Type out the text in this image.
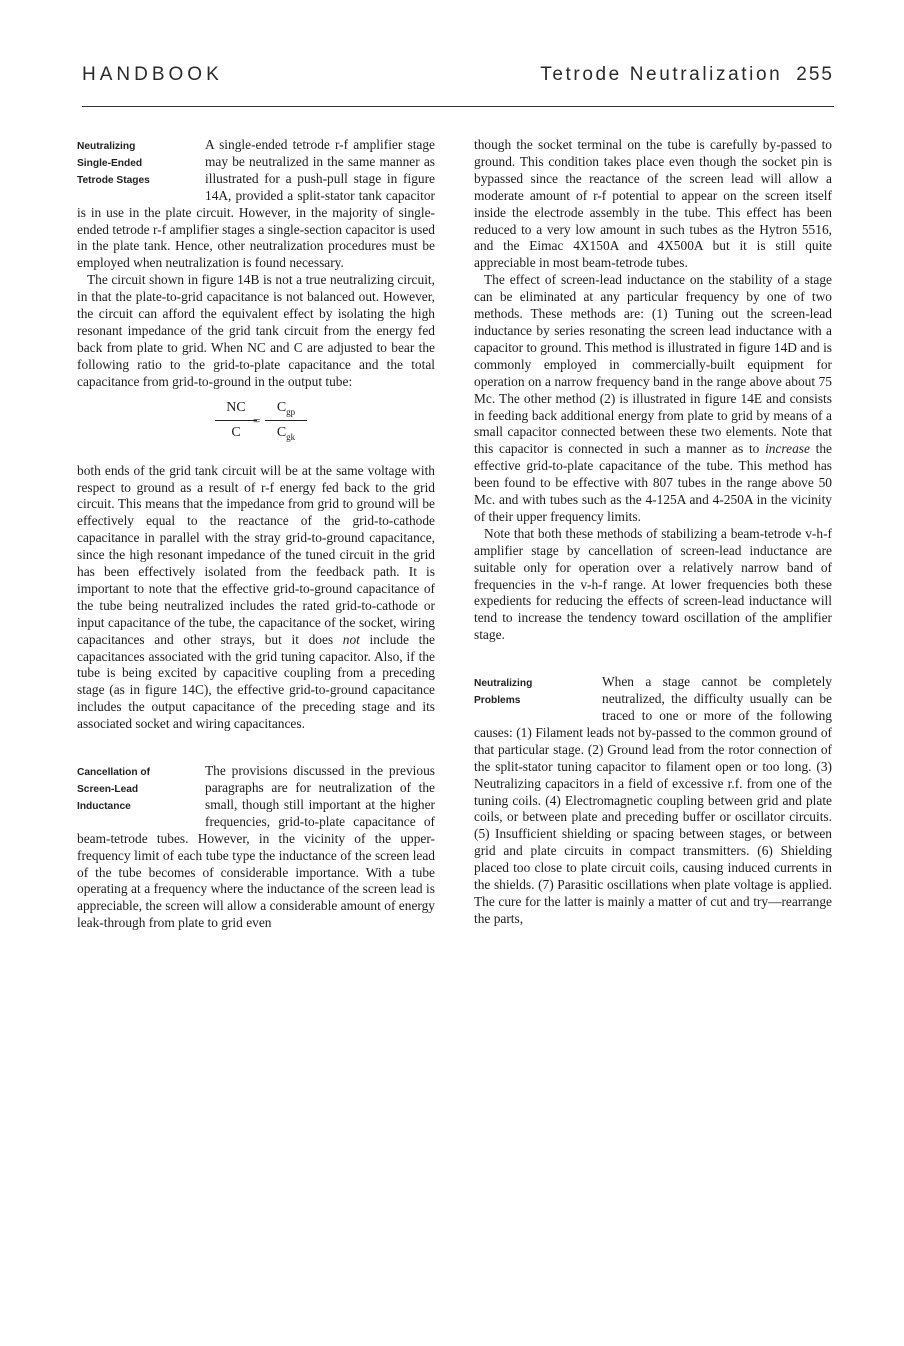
HANDBOOK	Tetrode Neutralization 255
Neutralizing
Single-Ended
Tetrode Stages

A single-ended tetrode r-f amplifier stage may be neutralized in the same manner as illustrated for a push-pull stage in figure 14A, provided a split-stator tank capacitor is in use in the plate circuit. However, in the majority of single-ended tetrode r-f amplifier stages a single-section capacitor is used in the plate tank. Hence, other neutralization procedures must be employed when neutralization is found necessary.

The circuit shown in figure 14B is not a true neutralizing circuit, in that the plate-to-grid capacitance is not balanced out. However, the circuit can afford the equivalent effect by isolating the high resonant impedance of the grid tank circuit from the energy fed back from plate to grid. When NC and C are adjusted to bear the following ratio to the grid-to-plate capacitance and the total capacitance from grid-to-ground in the output tube:

NC
C
=
$C_{gp}$
$C_{gk}$

both ends of the grid tank circuit will be at the same voltage with respect to ground as a result of r-f energy fed back to the grid circuit. This means that the impedance from grid to ground will be effectively equal to the reactance of the grid-to-cathode capacitance in parallel with the stray grid-to-ground capacitance, since the high resonant impedance of the tuned circuit in the grid has been effectively isolated from the feedback path. It is important to note that the effective grid-to-ground capacitance of the tube being neutralized includes the rated grid-to-cathode or input capacitance of the tube, the capacitance of the socket, wiring capacitances and other strays, but it does not include the capacitances associated with the grid tuning capacitor. Also, if the tube is being excited by capacitive coupling from a preceding stage (as in figure 14C), the effective grid-to-ground capacitance includes the output capacitance of the preceding stage and its associated socket and wiring capacitances.

Cancellation of
Screen-Lead
Inductance

The provisions discussed in the previous paragraphs are for neutralization of the small, though still important at the higher frequencies, grid-to-plate capacitance of beam-tetrode tubes. However, in the vicinity of the upper-frequency limit of each tube type the inductance of the screen lead of the tube becomes of considerable importance. With a tube operating at a frequency where the inductance of the screen lead is appreciable, the screen will allow a considerable amount of energy leak-through from plate to grid even

though the socket terminal on the tube is carefully by-passed to ground. This condition takes place even though the socket pin is bypassed since the reactance of the screen lead will allow a moderate amount of r-f potential to appear on the screen itself inside the electrode assembly in the tube. This effect has been reduced to a very low amount in such tubes as the Hytron 5516, and the Eimac 4X150A and 4X500A but it is still quite appreciable in most beam-tetrode tubes.

The effect of screen-lead inductance on the stability of a stage can be eliminated at any particular frequency by one of two methods. These methods are: (1) Tuning out the screen-lead inductance by series resonating the screen lead inductance with a capacitor to ground. This method is illustrated in figure 14D and is commonly employed in commercially-built equipment for operation on a narrow frequency band in the range above about 75 Mc. The other method (2) is illustrated in figure 14E and consists in feeding back additional energy from plate to grid by means of a small capacitor connected between these two elements. Note that this capacitor is connected in such a manner as to increase the effective grid-to-plate capacitance of the tube. This method has been found to be effective with 807 tubes in the range above 50 Mc. and with tubes such as the 4-125A and 4-250A in the vicinity of their upper frequency limits.

Note that both these methods of stabilizing a beam-tetrode v-h-f amplifier stage by cancellation of screen-lead inductance are suitable only for operation over a relatively narrow band of frequencies in the v-h-f range. At lower frequencies both these expedients for reducing the effects of screen-lead inductance will tend to increase the tendency toward oscillation of the amplifier stage.

Neutralizing
Problems

When a stage cannot be completely neutralized, the difficulty usually can be traced to one or more of the following causes: (1) Filament leads not by-passed to the common ground of that particular stage. (2) Ground lead from the rotor connection of the split-stator tuning capacitor to filament open or too long. (3) Neutralizing capacitors in a field of excessive r.f. from one of the tuning coils. (4) Electromagnetic coupling between grid and plate coils, or between plate and preceding buffer or oscillator circuits. (5) Insufficient shielding or spacing between stages, or between grid and plate circuits in compact transmitters. (6) Shielding placed too close to plate circuit coils, causing induced currents in the shields. (7) Parasitic oscillations when plate voltage is applied. The cure for the latter is mainly a matter of cut and try—rearrange the parts,
